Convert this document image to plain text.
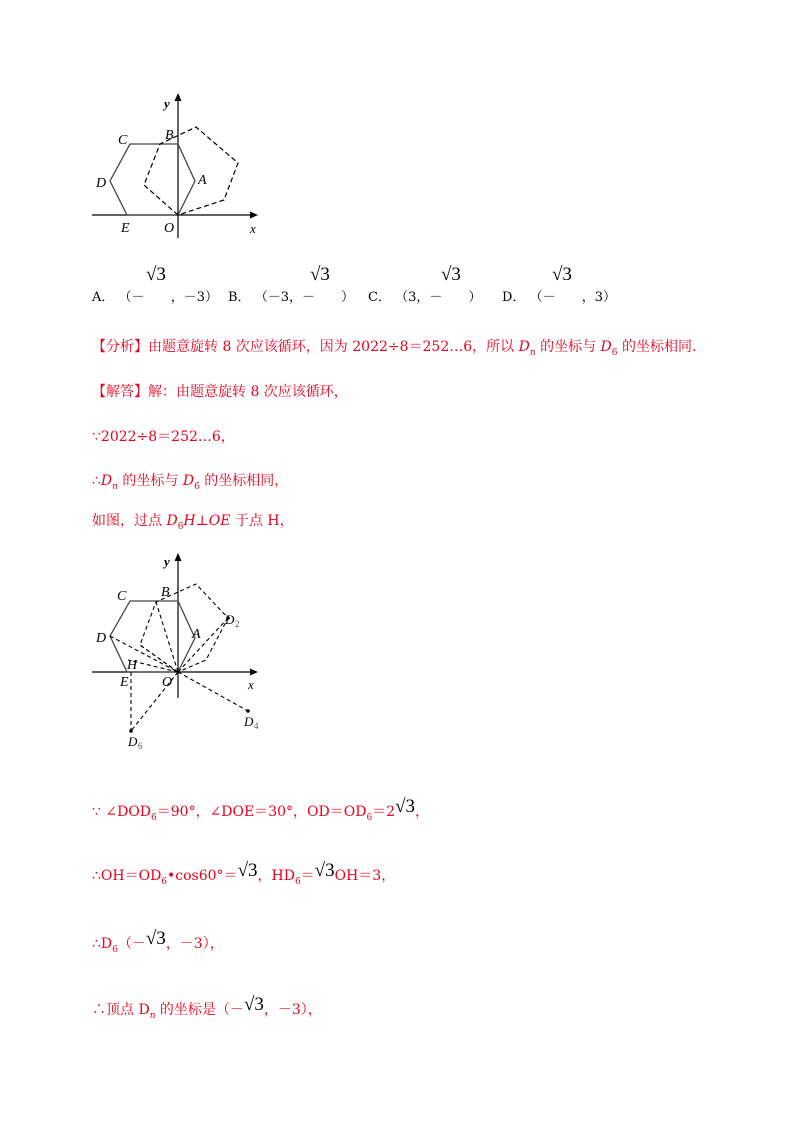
y
x
C	B
D	A
E O
A． （－
√3
，－3） B． （－3，－
√3
） C． （3，－
√3
） D． （－
√3
，3）
【分析】由题意旋转 8 次应该循环，因为 2022÷8＝252…6，所以 $D_n$ 的坐标与 $D_6$ 的坐标相同.
【解答】解：由题意旋转 8 次应该循环，
∵2022÷8＝252…6，
$\therefore D_n$ 的坐标与 $D_6$ 的坐标相同，
如图，过点 $D_6H\perp OE$ 于点 H，
y
x
C B
D	A
E
H
O
D 2
D 4
D 6
∵ $\angle DOD_6=90^\circ$，∠DOE＝30°，$OD=OD_6=2√3$，
$\therefore OH=OD_6•\cos 60^\circ=√3$，$HD_6=√3OH=3$，
$\therefore D_6(-√3$，－3），
∴顶点 $D_n$ 的坐标是（－√3，－3），
